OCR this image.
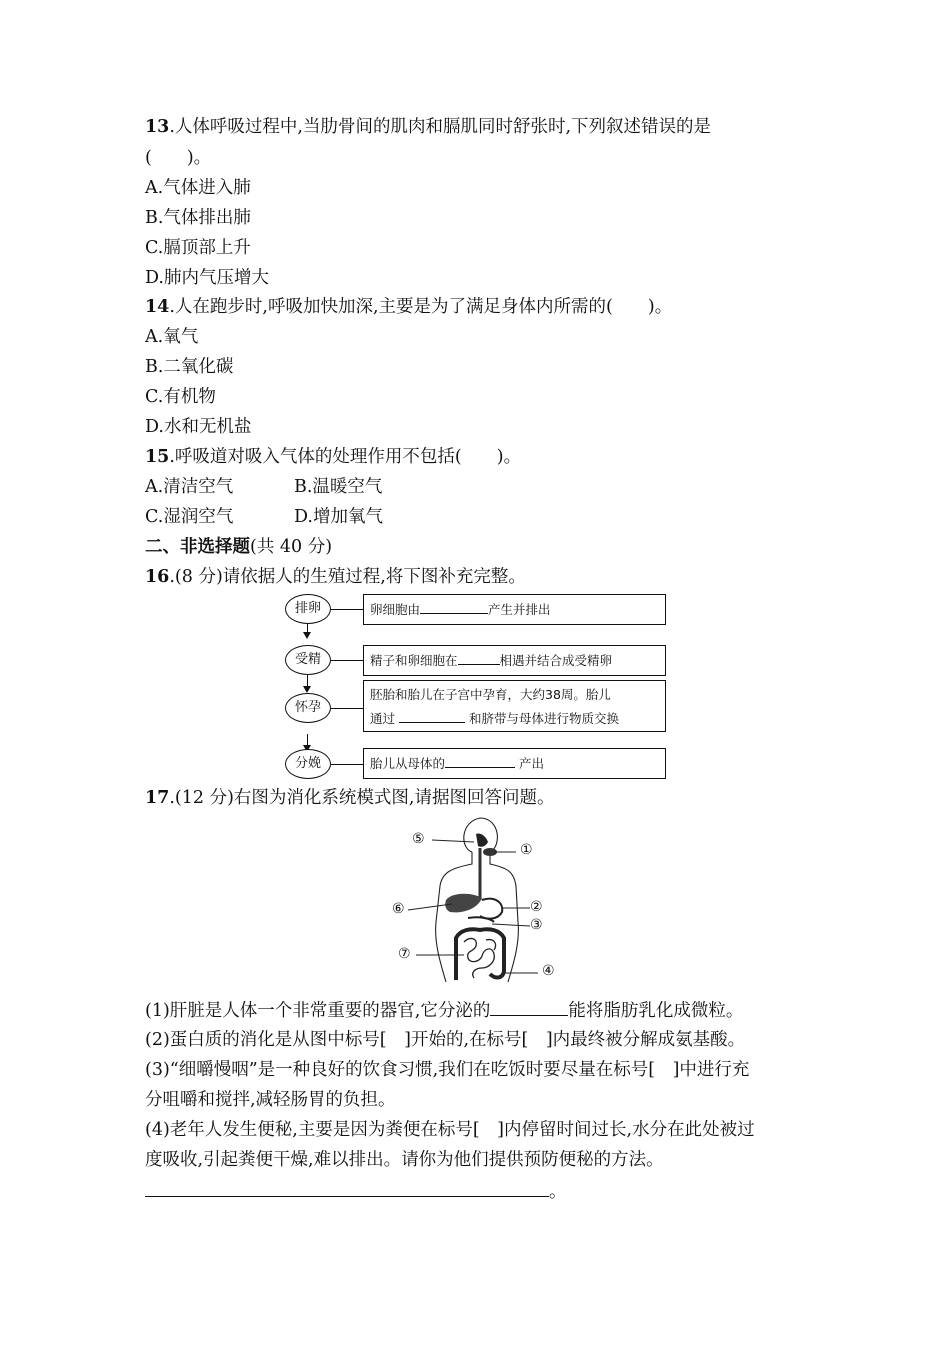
13.人体呼吸过程中,当肋骨间的肌肉和膈肌同时舒张时,下列叙述错误的是
(　　)。
A.气体进入肺
B.气体排出肺
C.膈顶部上升
D.肺内气压增大
14.人在跑步时,呼吸加快加深,主要是为了满足身体内所需的(　　)。
A.氧气
B.二氧化碳
C.有机物
D.水和无机盐
15.呼吸道对吸入气体的处理作用不包括(　　)。
A.清洁空气	B.温暖空气
C.湿润空气	D.增加氧气
二、非选择题(共 40 分)
16.(8 分)请依据人的生殖过程,将下图补充完整。
排卵	卵细胞由	产生并排出
受精	精子和卵细胞在	相遇并结合成受精卵
怀孕
胚胎和胎儿在子宫中孕育，大约38周。胎儿
通过	和脐带与母体进行物质交换
分娩	胎儿从母体的	产出
17.(12 分)右图为消化系统模式图,请据图回答问题。
⑤
①
⑥	②
③
⑦
④
(1)肝脏是人体一个非常重要的器官,它分泌的	能将脂肪乳化成微粒。
(2)蛋白质的消化是从图中标号[　]开始的,在标号[　]内最终被分解成氨基酸。
(3)“细嚼慢咽”是一种良好的饮食习惯,我们在吃饭时要尽量在标号[　]中进行充
分咀嚼和搅拌,减轻肠胃的负担。
(4)老年人发生便秘,主要是因为粪便在标号[　]内停留时间过长,水分在此处被过
度吸收,引起粪便干燥,难以排出。请你为他们提供预防便秘的方法。
。
